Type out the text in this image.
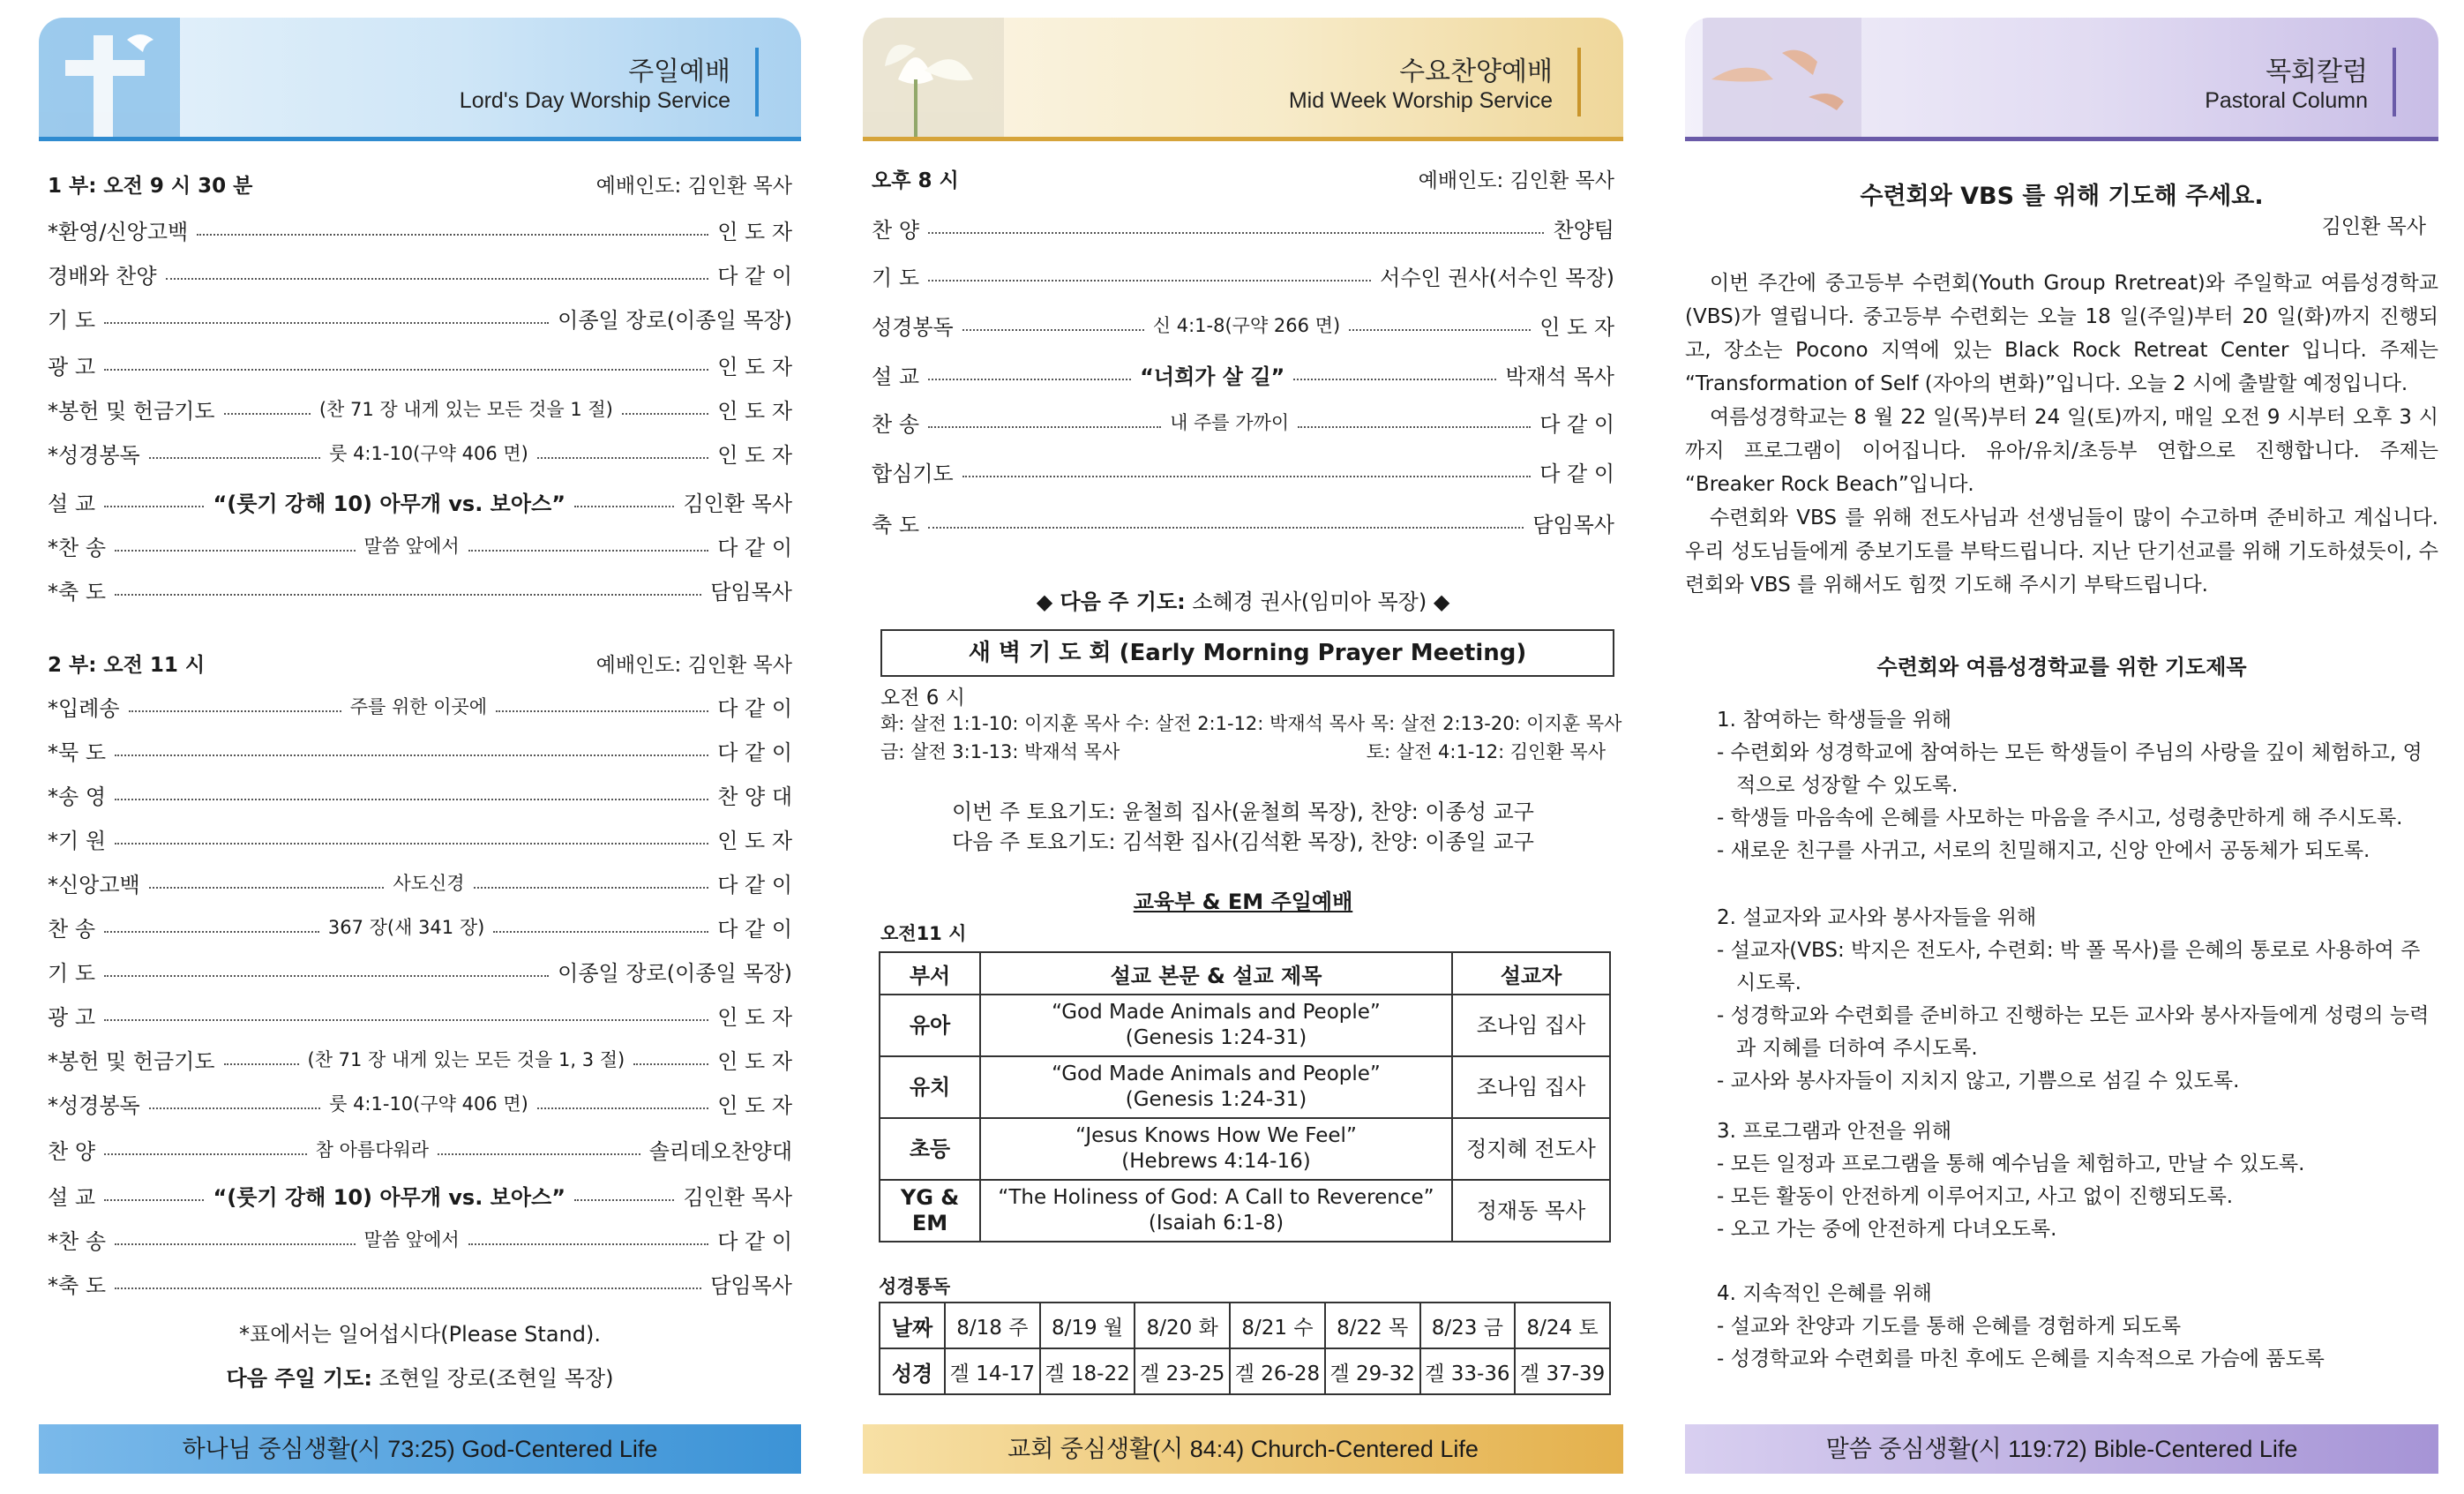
주일예배
Lord's Day Worship Service
1 부: 오전 9 시 30 분	예배인도: 김인환 목사
*환영/신앙고백	인 도 자
경배와 찬양	다 같 이
기 도	이종일 장로(이종일 목장)
광 고	인 도 자
*봉헌 및 헌금기도	(찬 71 장 내게 있는 모든 것을 1 절)	인 도 자
*성경봉독	룻 4:1-10(구약 406 면)	인 도 자
설 교	“(룻기 강해 10) 아무개 vs. 보아스”	김인환 목사
*찬 송	말씀 앞에서	다 같 이
*축 도	담임목사
2 부: 오전 11 시	예배인도: 김인환 목사
*입례송	주를 위한 이곳에	다 같 이
*묵 도	다 같 이
*송 영	찬 양 대
*기 원	인 도 자
*신앙고백	사도신경	다 같 이
찬 송	367 장(새 341 장)	다 같 이
기 도	이종일 장로(이종일 목장)
광 고	인 도 자
*봉헌 및 헌금기도	(찬 71 장 내게 있는 모든 것을 1, 3 절)	인 도 자
*성경봉독	룻 4:1-10(구약 406 면)	인 도 자
찬 양	참 아름다워라	솔리데오찬양대
설 교	“(룻기 강해 10) 아무개 vs. 보아스”	김인환 목사
*찬 송	말씀 앞에서	다 같 이
*축 도	담임목사
*표에서는 일어섭시다(Please Stand).
다음 주일 기도: 조현일 장로(조현일 목장)
하나님 중심생활(시 73:25) God-Centered Life
수요찬양예배
Mid Week Worship Service
오후 8 시	예배인도: 김인환 목사
찬 양	찬양팀
기 도	서수인 권사(서수인 목장)
성경봉독	신 4:1-8(구약 266 면)	인 도 자
설 교	“너희가 살 길”	박재석 목사
찬 송	내 주를 가까이	다 같 이
합심기도	다 같 이
축 도	담임목사
◆ 다음 주 기도: 소혜경 권사(임미아 목장) ◆
새 벽 기 도 회 (Early Morning Prayer Meeting)
오전 6 시
화: 살전 1:1-10: 이지훈 목사 수: 살전 2:1-12: 박재석 목사 목: 살전 2:13-20: 이지훈 목사
금: 살전 3:1-13: 박재석 목사	토: 살전 4:1-12: 김인환 목사
이번 주 토요기도: 윤철희 집사(윤철희 목장), 찬양: 이종성 교구
다음 주 토요기도: 김석환 집사(김석환 목장), 찬양: 이종일 교구
교육부 & EM 주일예배
오전11 시
부서	설교 본문 & 설교 제목	설교자
유아	“God Made Animals and People”
(Genesis 1:24-31)	조나임 집사
유치	“God Made Animals and People”
(Genesis 1:24-31)	조나임 집사
초등	“Jesus Knows How We Feel”
(Hebrews 4:14-16)	정지혜 전도사
YG & EM	“The Holiness of God: A Call to Reverence”
(Isaiah 6:1-8)	정재동 목사
성경통독
날짜	8/18 주	8/19 월	8/20 화	8/21 수	8/22 목	8/23 금	8/24 토
성경	겔 14-17	겔 18-22	겔 23-25	겔 26-28	겔 29-32	겔 33-36	겔 37-39
교회 중심생활(시 84:4) Church-Centered Life
목회칼럼
Pastoral Column
수련회와 VBS 를 위해 기도해 주세요.
김인환 목사
이번 주간에 중고등부 수련회(Youth Group Rretreat)와 주일학교 여름성경학교(VBS)가 열립니다. 중고등부 수련회는 오늘 18 일(주일)부터 20 일(화)까지 진행되고, 장소는 Pocono 지역에 있는 Black Rock Retreat Center 입니다. 주제는 “Transformation of Self (자아의 변화)”입니다. 오늘 2 시에 출발할 예정입니다.
여름성경학교는 8 월 22 일(목)부터 24 일(토)까지, 매일 오전 9 시부터 오후 3 시까지 프로그램이 이어집니다. 유아/유치/초등부 연합으로 진행합니다. 주제는 “Breaker Rock Beach”입니다.
수련회와 VBS 를 위해 전도사님과 선생님들이 많이 수고하며 준비하고 계십니다. 우리 성도님들에게 중보기도를 부탁드립니다. 지난 단기선교를 위해 기도하셨듯이, 수련회와 VBS 를 위해서도 힘껏 기도해 주시기 부탁드립니다.
수련회와 여름성경학교를 위한 기도제목
1. 참여하는 학생들을 위해
- 수련회와 성경학교에 참여하는 모든 학생들이 주님의 사랑을 깊이 체험하고, 영적으로 성장할 수 있도록.
- 학생들 마음속에 은혜를 사모하는 마음을 주시고, 성령충만하게 해 주시도록.
- 새로운 친구를 사귀고, 서로의 친밀해지고, 신앙 안에서 공동체가 되도록.
2. 설교자와 교사와 봉사자들을 위해
- 설교자(VBS: 박지은 전도사, 수련회: 박 폴 목사)를 은혜의 통로로 사용하여 주시도록.
- 성경학교와 수련회를 준비하고 진행하는 모든 교사와 봉사자들에게 성령의 능력과 지혜를 더하여 주시도록.
- 교사와 봉사자들이 지치지 않고, 기쁨으로 섬길 수 있도록.
3. 프로그램과 안전을 위해
- 모든 일정과 프로그램을 통해 예수님을 체험하고, 만날 수 있도록.
- 모든 활동이 안전하게 이루어지고, 사고 없이 진행되도록.
- 오고 가는 중에 안전하게 다녀오도록.
4. 지속적인 은혜를 위해
- 설교와 찬양과 기도를 통해 은혜를 경험하게 되도록
- 성경학교와 수련회를 마친 후에도 은혜를 지속적으로 가슴에 품도록
말씀 중심생활(시 119:72) Bible-Centered Life
